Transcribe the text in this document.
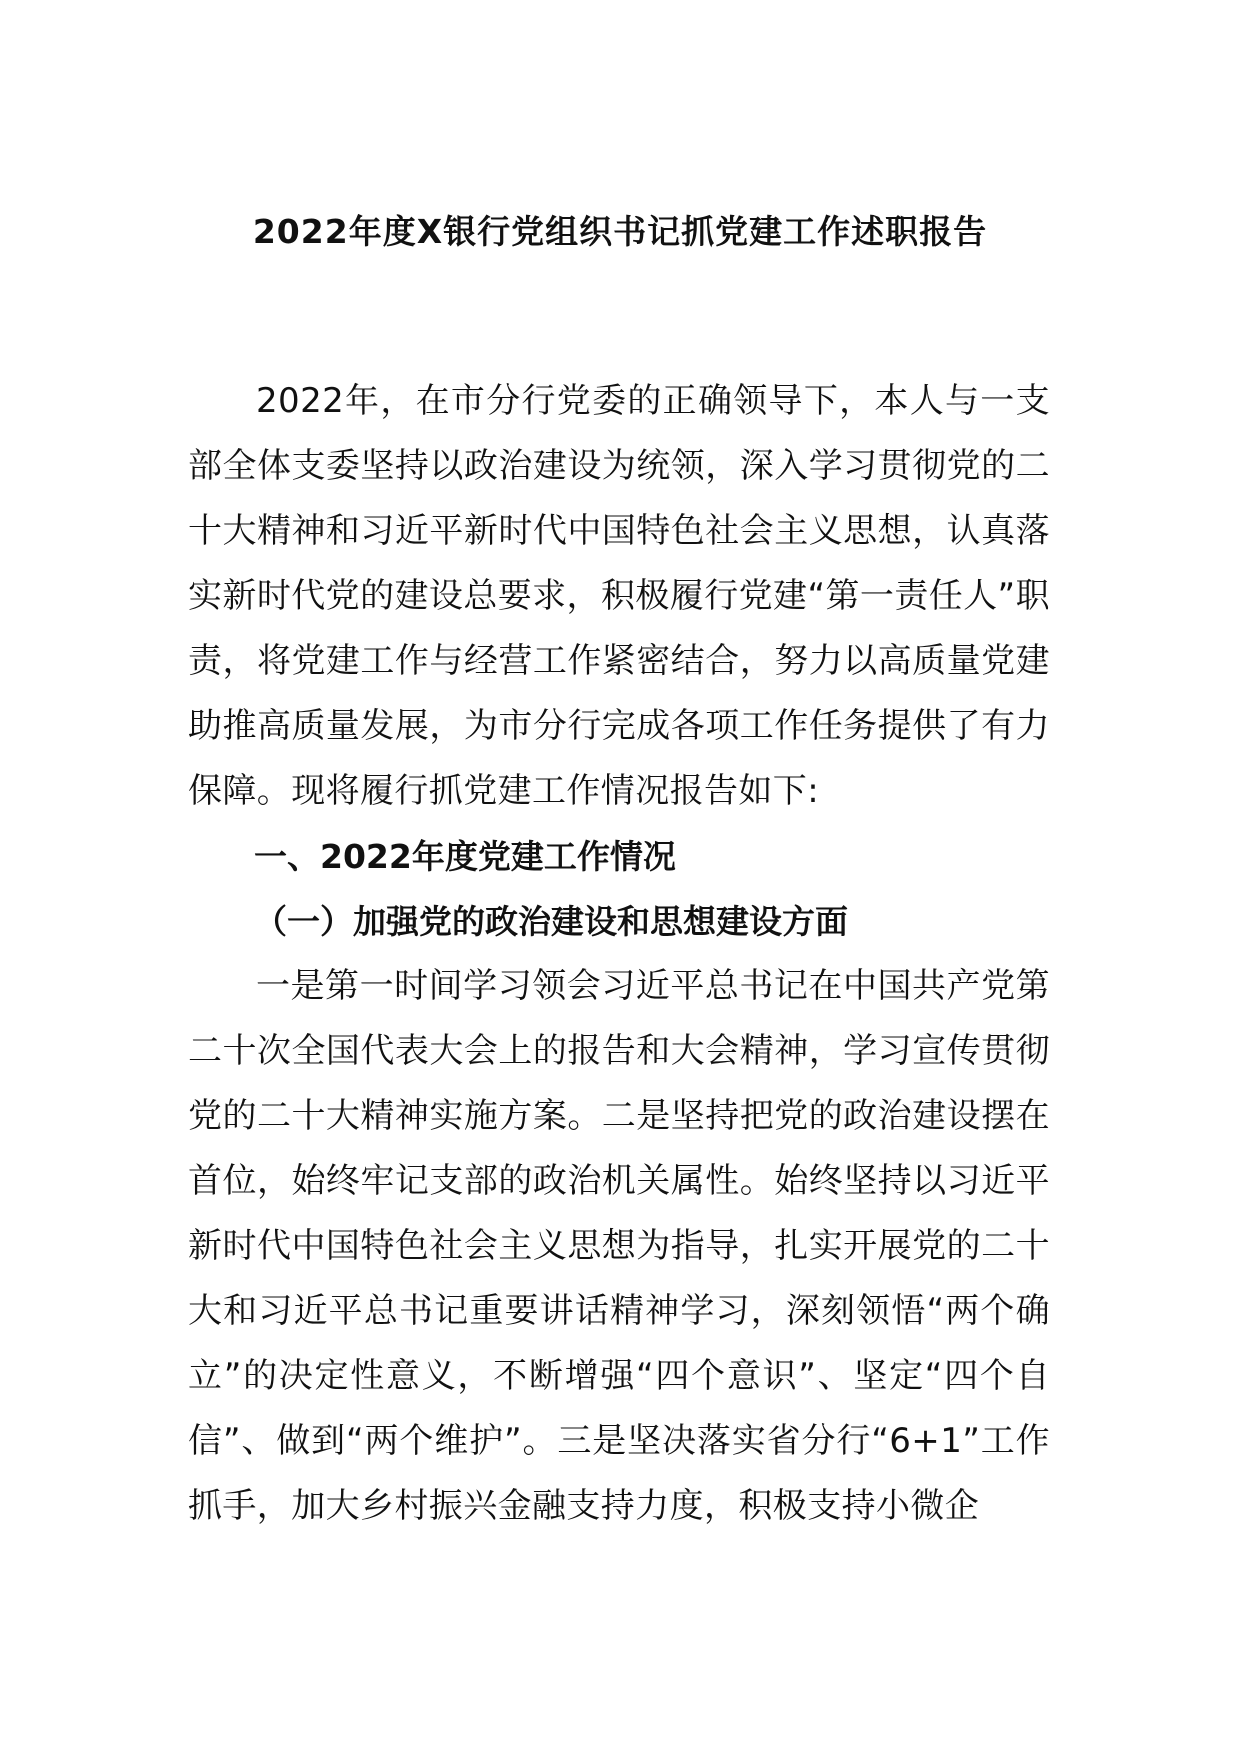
2022年度X银行党组织书记抓党建工作述职报告

2022年，在市分行党委的正确领导下，本人与一支部全体支委坚持以政治建设为统领，深入学习贯彻党的二十大精神和习近平新时代中国特色社会主义思想，认真落实新时代党的建设总要求，积极履行党建“第一责任人”职责，将党建工作与经营工作紧密结合，努力以高质量党建助推高质量发展，为市分行完成各项工作任务提供了有力保障。现将履行抓党建工作情况报告如下:

一、2022年度党建工作情况

（一）加强党的政治建设和思想建设方面

一是第一时间学习领会习近平总书记在中国共产党第二十次全国代表大会上的报告和大会精神，学习宣传贯彻党的二十大精神实施方案。二是坚持把党的政治建设摆在首位，始终牢记支部的政治机关属性。始终坚持以习近平新时代中国特色社会主义思想为指导，扎实开展党的二十大和习近平总书记重要讲话精神学习，深刻领悟“两个确立”的决定性意义，不断增强“四个意识”、坚定“四个自信”、做到“两个维护”。三是坚决落实省分行“6+1”工作抓手，加大乡村振兴金融支持力度，积极支持小微企
